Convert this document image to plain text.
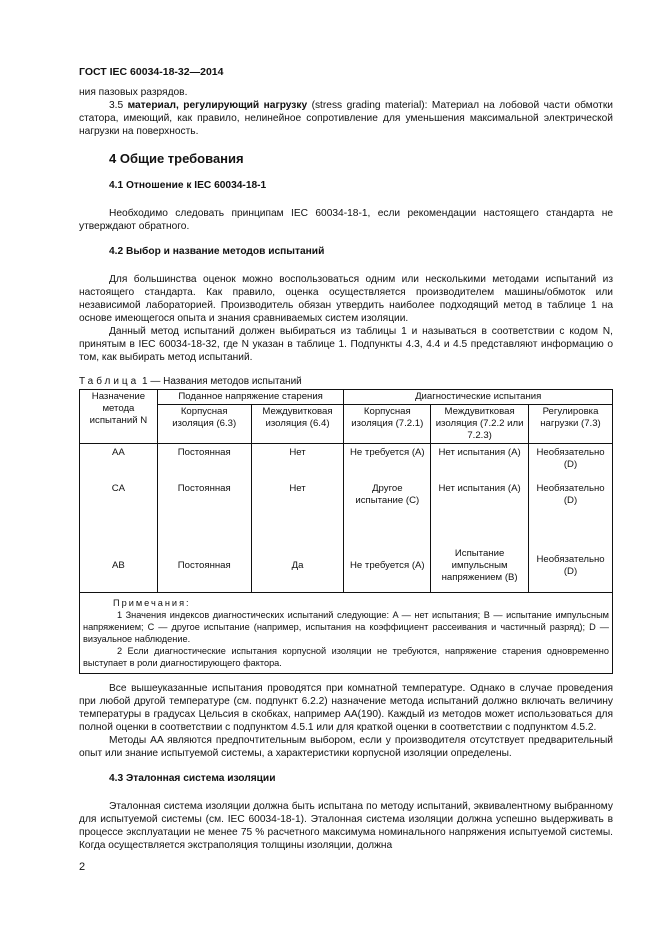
ГОСТ IEC 60034-18-32—2014

ния пазовых разрядов.

3.5 материал, регулирующий нагрузку (stress grading material): Материал на лобовой части обмотки статора, имеющий, как правило, нелинейное сопротивление для уменьшения максимальной электрической нагрузки на поверхность.

4 Общие требования
4.1 Отношение к IEC 60034-18-1

Необходимо следовать принципам IEC 60034-18-1, если рекомендации настоящего стандарта не утверждают обратного.

4.2 Выбор и название методов испытаний

Для большинства оценок можно воспользоваться одним или несколькими методами испытаний из настоящего стандарта. Как правило, оценка осуществляется производителем машины/обмоток или независимой лабораторией. Производитель обязан утвердить наиболее подходящий метод в таблице 1 на основе имеющегося опыта и знания сравниваемых систем изоляции.

Данный метод испытаний должен выбираться из таблицы 1 и называться в соответствии с кодом N, принятым в IEC 60034-18-32, где N указан в таблице 1. Подпункты 4.3, 4.4 и 4.5 представляют информацию о том, как выбирать метод испытаний.

Таблица 1 — Названия методов испытаний
Назначение метода испытаний N	Поданное напряжение старения		Диагностические испытания		
	Корпусная изоляция (6.3)	Междувитковая изоляция (6.4)	Корпусная изоляция (7.2.1)	Междувитковая изоляция (7.2.2 или 7.2.3)	Регулировка нагрузки (7.3)
AA	Постоянная	Нет	Не требуется (A)	Нет испытания (A)	Необязательно (D)
CA	Постоянная	Нет	Другое испытание (C)	Нет испытания (A)	Необязательно (D)
AB	Постоянная	Да	Не требуется (A)	Испытание импульсным напряжением (B)	Необязательно (D)

Примечания:
1 Значения индексов диагностических испытаний следующие: A — нет испытания; B — испытание импульсным напряжением; C — другое испытание (например, испытания на коэффициент рассеивания и частичный разряд); D — визуальное наблюдение.
2 Если диагностические испытания корпусной изоляции не требуются, напряжение старения одновременно выступает в роли диагностирующего фактора.					

Все вышеуказанные испытания проводятся при комнатной температуре. Однако в случае проведения при любой другой температуре (см. подпункт 6.2.2) назначение метода испытаний должно включать величину температуры в градусах Цельсия в скобках, например AA(190). Каждый из методов может использоваться для полной оценки в соответствии с подпунктом 4.5.1 или для краткой оценки в соответствии с подпунктом 4.5.2.

Методы AA являются предпочтительным выбором, если у производителя отсутствует предварительный опыт или знание испытуемой системы, а характеристики корпусной изоляции определены.

4.3 Эталонная система изоляции

Эталонная система изоляции должна быть испытана по методу испытаний, эквивалентному выбранному для испытуемой системы (см. IEC 60034-18-1). Эталонная система изоляции должна успешно выдерживать в процессе эксплуатации не менее 75 % расчетного максимума номинального напряжения испытуемой системы. Когда осуществляется экстраполяция толщины изоляции, должна

2
